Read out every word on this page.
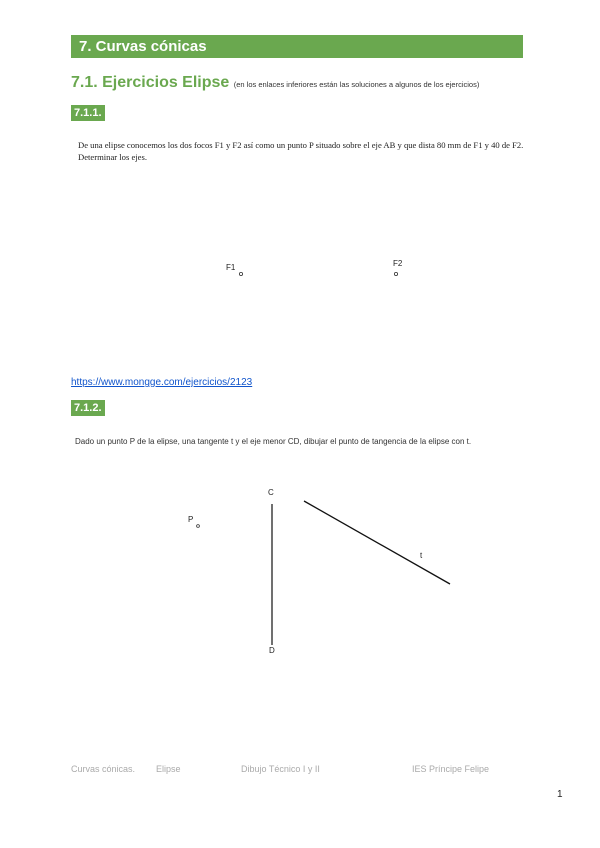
7. Curvas cónicas
7.1. Ejercicios Elipse (en los enlaces inferiores están las soluciones a algunos de los ejercicios)
7.1.1.
De una elipse conocemos los dos focos F1 y F2 así como un punto P situado sobre el eje AB y que dista 80 mm de F1 y 40 de F2. Determinar los ejes.
F1	F2
https://www.mongge.com/ejercicios/2123
7.1.2.
Dado un punto P de la elipse, una tangente t y el eje menor CD, dibujar el punto de tangencia de la elipse con t.
P
C
D
t
Curvas cónicas. Elipse	Dibujo Técnico I y II	IES Príncipe Felipe
1
